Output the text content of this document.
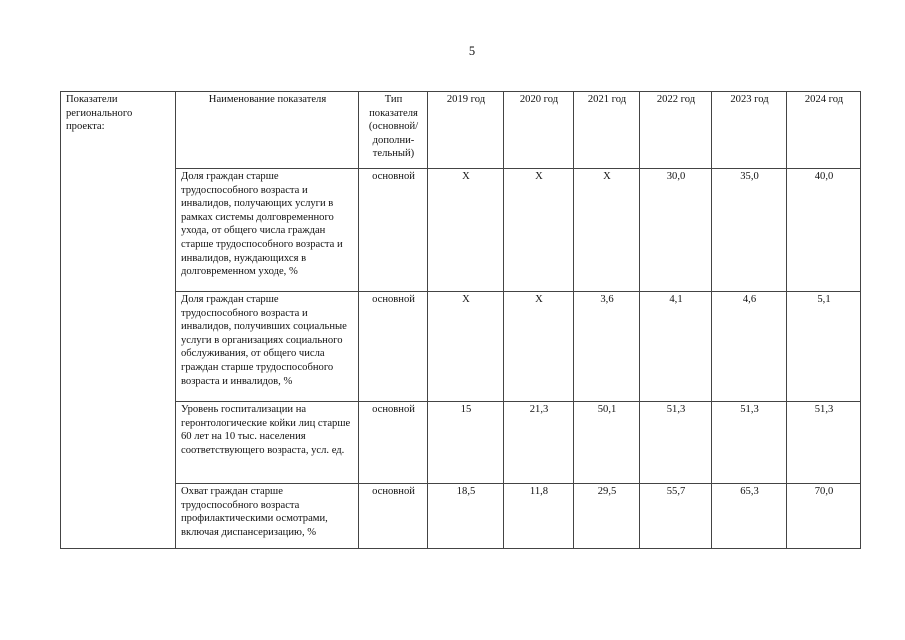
5
Показатели регионального проекта:	Наименование показателя	Тип показателя (основной/ дополни-тельный)	2019 год	2020 год	2021 год	2022 год	2023 год	2024 год
	Доля граждан старше трудоспособного возраста и инвалидов, получающих услуги в рамках системы долговременного ухода, от общего числа граждан старше трудоспособного возраста и инвалидов, нуждающихся в долговременном уходе, %	основной	Х	Х	Х	30,0	35,0	40,0
	Доля граждан старше трудоспособного возраста и инвалидов, получивших социальные услуги в организациях социального обслуживания, от общего числа граждан старше трудоспособного возраста и инвалидов, %	основной	Х	Х	3,6	4,1	4,6	5,1
	Уровень госпитализации на геронтологические койки лиц старше 60 лет на 10 тыс. населения соответствующего возраста, усл. ед.	основной	15	21,3	50,1	51,3	51,3	51,3
	Охват граждан старше трудоспособного возраста профилактическими осмотрами, включая диспансеризацию, %	основной	18,5	11,8	29,5	55,7	65,3	70,0
